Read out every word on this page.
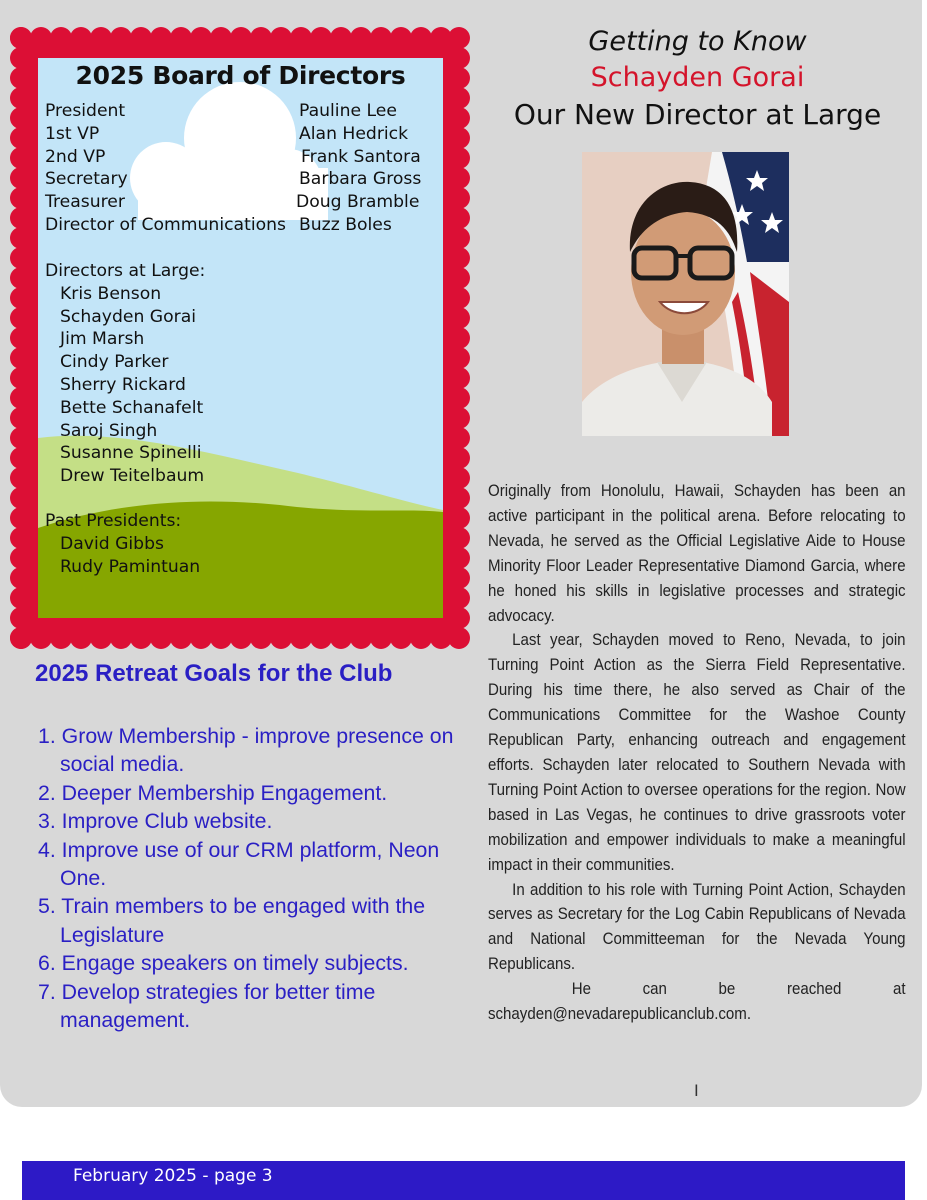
2025 Board of Directors
President
1st VP
2nd VP
Secretary
Treasurer
Director of Communications
Pauline Lee
Alan Hedrick
Frank Santora
Barbara Gross
Doug Bramble
Buzz Boles
Directors at Large:
Kris Benson
Schayden Gorai
Jim Marsh
Cindy Parker
Sherry Rickard
Bette Schanafelt
Saroj Singh
Susanne Spinelli
Drew Teitelbaum
Past Presidents:
David Gibbs
Rudy Pamintuan
2025 Retreat Goals for the Club
1. Grow Membership - improve presence on social media.
2. Deeper Membership Engagement.
3. Improve Club website.
4. Improve use of our CRM platform, Neon One.
5. Train members to be engaged with the Legislature
6. Engage speakers on timely subjects.
7. Develop strategies for better time management.
Getting to Know
Schayden Gorai
Our New Director at Large

Originally from Honolulu, Hawaii, Schayden has been an active participant in the political arena. Before relocating to Nevada, he served as the Official Legislative Aide to House Minority Floor Leader Representative Diamond Garcia, where he honed his skills in legislative processes and strategic advocacy.

Last year, Schayden moved to Reno, Nevada, to join Turning Point Action as the Sierra Field Representative. During his time there, he also served as Chair of the Communications Committee for the Washoe County Republican Party, enhancing outreach and engagement efforts. Schayden later relocated to Southern Nevada with Turning Point Action to oversee operations for the region. Now based in Las Vegas, he continues to drive grassroots voter mobilization and empower individuals to make a meaningful impact in their communities.

In addition to his role with Turning Point Action, Schayden serves as Secretary for the Log Cabin Republicans of Nevada and National Committeeman for the Nevada Young Republicans.

He can be reached at

schayden@nevadarepublicanclub.com.

I
February 2025 - page 3
